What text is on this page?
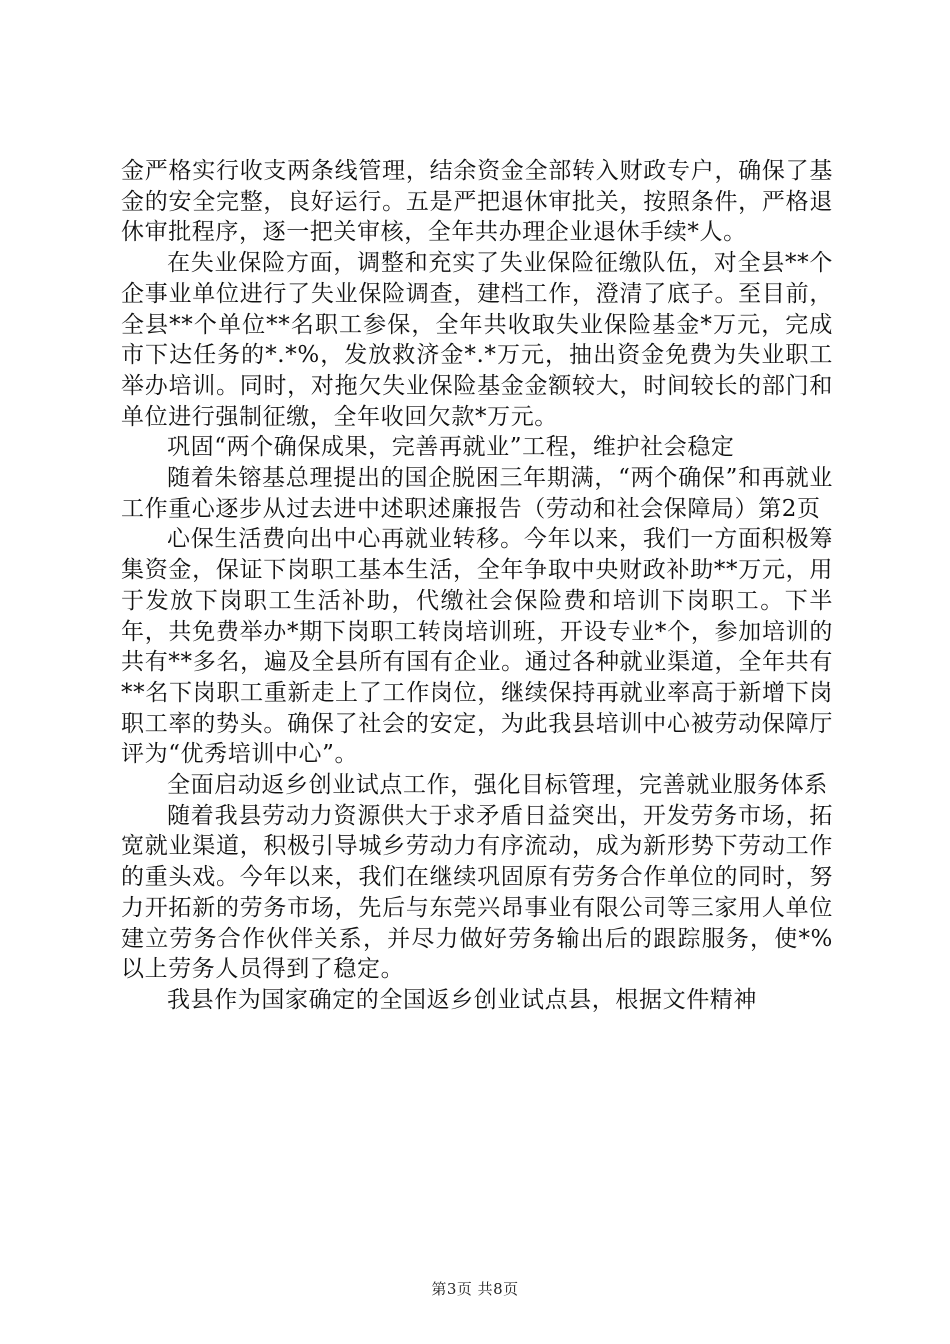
金严格实行收支两条线管理，结余资金全部转入财政专户，确保了基金的安全完整，良好运行。五是严把退休审批关，按照条件，严格退休审批程序，逐一把关审核，全年共办理企业退休手续*人。

在失业保险方面，调整和充实了失业保险征缴队伍，对全县**个企事业单位进行了失业保险调查，建档工作，澄清了底子。至目前，全县**个单位**名职工参保，全年共收取失业保险基金*万元，完成市下达任务的*.*%，发放救济金*.*万元，抽出资金免费为失业职工举办培训。同时，对拖欠失业保险基金金额较大，时间较长的部门和单位进行强制征缴，全年收回欠款*万元。

巩固“两个确保成果，完善再就业”工程，维护社会稳定

随着朱镕基总理提出的国企脱困三年期满，“两个确保”和再就业工作重心逐步从过去进中述职述廉报告（劳动和社会保障局）第2页

心保生活费向出中心再就业转移。今年以来，我们一方面积极筹集资金，保证下岗职工基本生活，全年争取中央财政补助**万元，用于发放下岗职工生活补助，代缴社会保险费和培训下岗职工。下半年，共免费举办*期下岗职工转岗培训班，开设专业*个，参加培训的共有**多名，遍及全县所有国有企业。通过各种就业渠道，全年共有**名下岗职工重新走上了工作岗位，继续保持再就业率高于新增下岗职工率的势头。确保了社会的安定，为此我县培训中心被劳动保障厅评为“优秀培训中心”。

全面启动返乡创业试点工作，强化目标管理，完善就业服务体系

随着我县劳动力资源供大于求矛盾日益突出，开发劳务市场，拓宽就业渠道，积极引导城乡劳动力有序流动，成为新形势下劳动工作的重头戏。今年以来，我们在继续巩固原有劳务合作单位的同时，努力开拓新的劳务市场，先后与东莞兴昂事业有限公司等三家用人单位建立劳务合作伙伴关系，并尽力做好劳务输出后的跟踪服务，使*%以上劳务人员得到了稳定。

我县作为国家确定的全国返乡创业试点县，根据文件精神

第3页 共8页
